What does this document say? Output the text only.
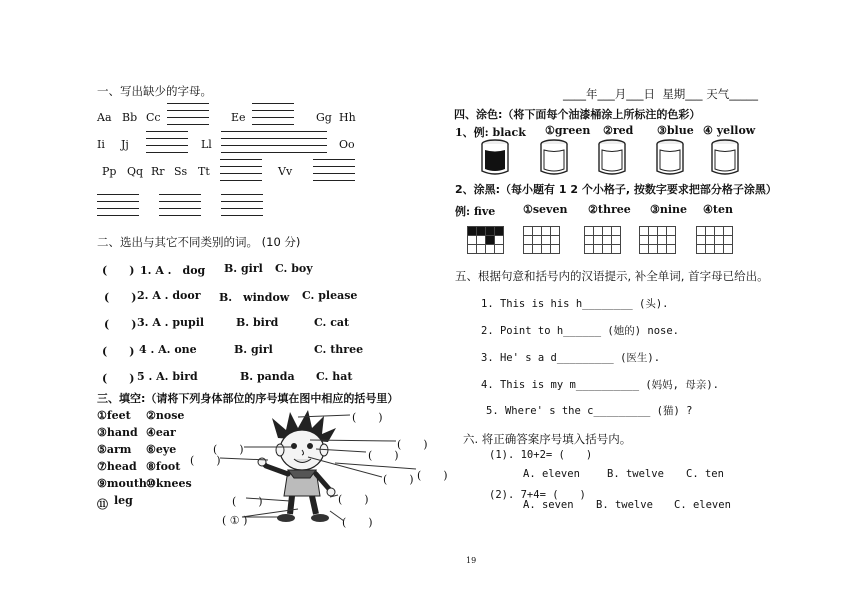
____年___月___日 星期___ 天气_____
一、写出缺少的字母。
Aa Bb Cc	Ee	Gg Hh
Ii Jj	Ll	Oo
Pp Qq Rr Ss Tt	Vv
二、选出与其它不同类别的词。 (10 分)
(　　) 1. A .　dog B. girl C. boy
(　　) 2. A . door B.　window C. please
(　　) 3. A . pupil	B. bird	C. cat
(　　) 4 . A. one	B. girl	C. three
(　　) 5 . A. bird	B. panda C. hat
三、填空:（请将下列身体部位的序号填在图中相应的括号里）
①feet ②nose
③hand ④ear
⑤arm ⑥eye
⑦head ⑧foot
⑨mouth ⑩knees
⑪ leg
(　　)
(　　)	(　　)
(　　)	(　　)
(　　)
(　　)
(　　)	(　　)
( ① )	(　　)
四、涂色:（将下面每个油漆桶涂上所标注的色彩）
1、例: black ①green ②red ③blue ④ yellow
2、涂黑:（每小题有 1 2 个小格子, 按数字要求把部分格子涂黑）
例: five	①seven ②three ③nine ④ten
五、根据句意和括号内的汉语提示, 补全单词, 首字母已给出。
1. This is his h________ (头).
2. Point to h______ (她的) nose.
3. He' s a d_________ (医生).
4. This is my m__________ (妈妈, 母亲).
5. Where' s the c_________ (猫) ?
六. 将正确答案序号填入括号内。
(1). 10+2= (　　)
A. eleven	B. twelve C. ten
(2). 7+4= (　　)
A. seven B. twelve C. eleven
19
